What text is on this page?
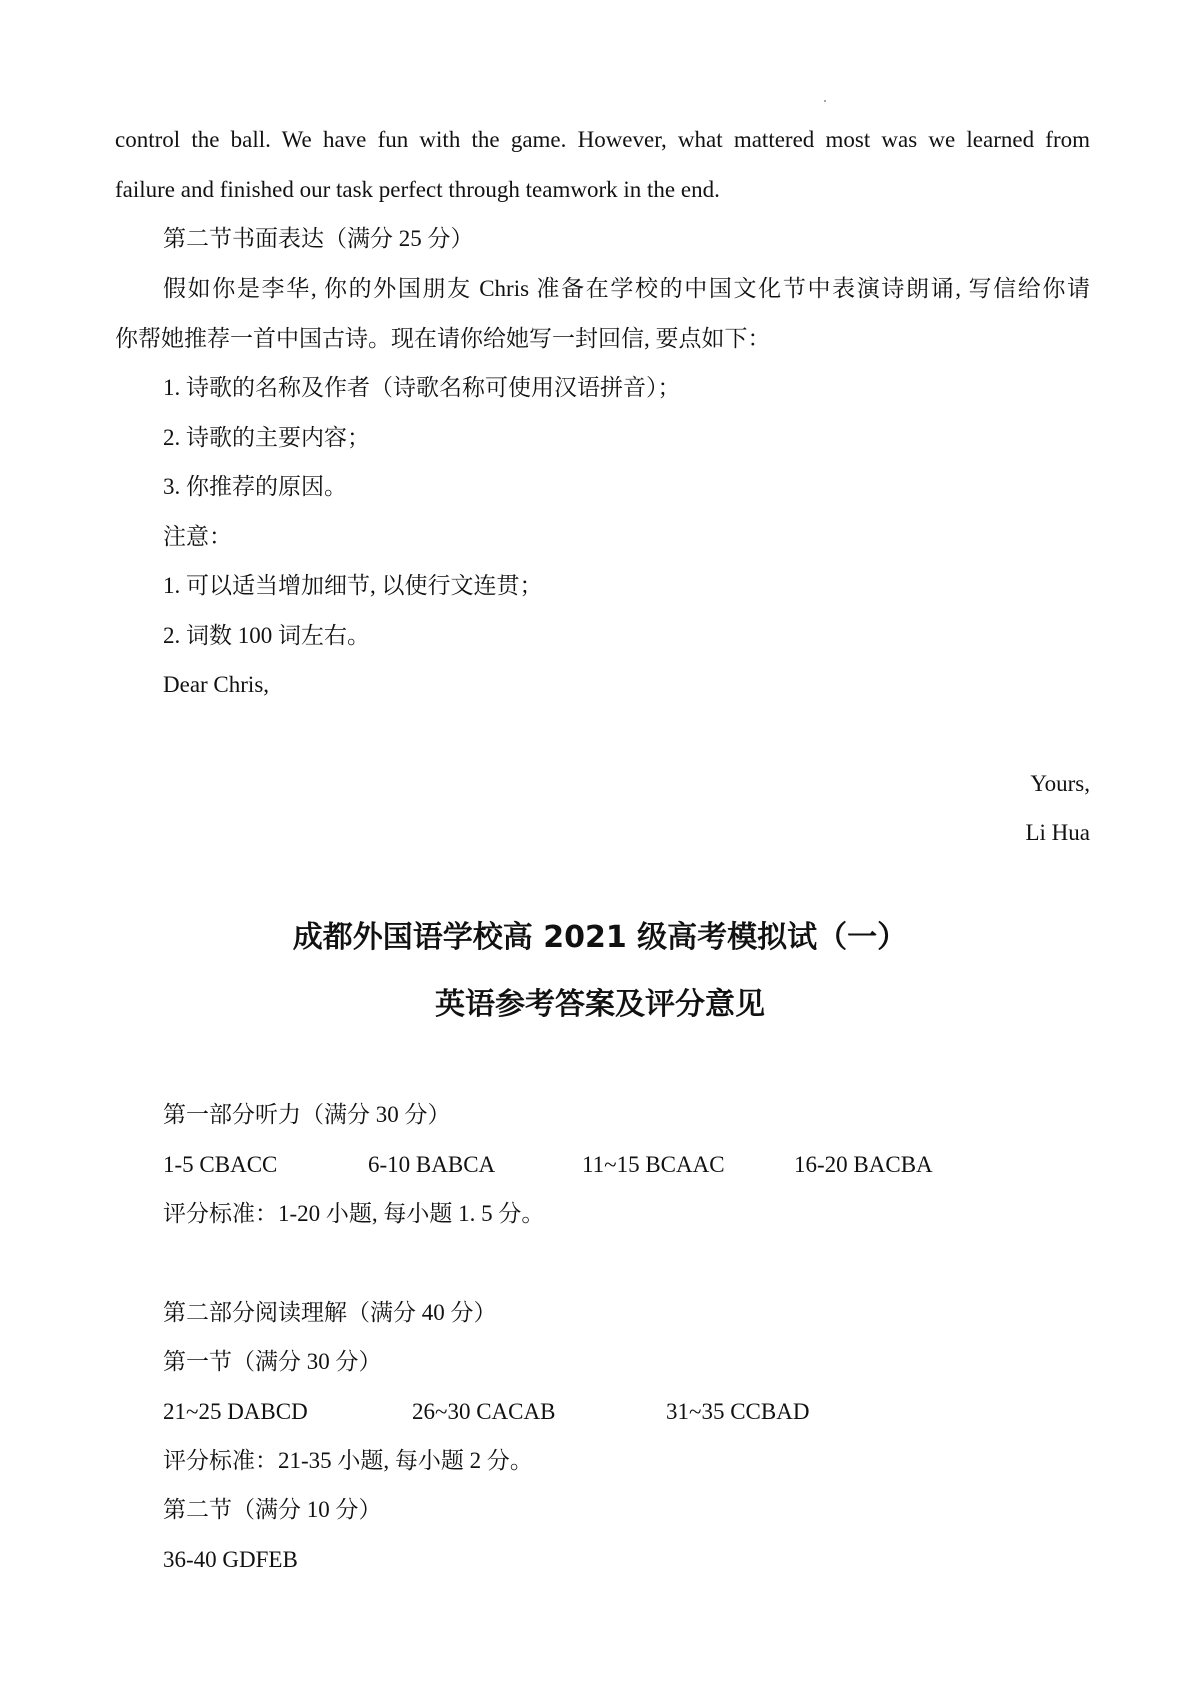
control the ball. We have fun with the game. However, what mattered most was we learned from
failure and finished our task perfect through teamwork in the end.
第二节书面表达（满分 25 分）
假如你是李华, 你的外国朋友 Chris 准备在学校的中国文化节中表演诗朗诵, 写信给你请
你帮她推荐一首中国古诗。现在请你给她写一封回信, 要点如下：
1. 诗歌的名称及作者（诗歌名称可使用汉语拼音）；
2. 诗歌的主要内容；
3. 你推荐的原因。
注意：
1. 可以适当增加细节, 以使行文连贯；
2. 词数 100 词左右。
Dear Chris,
Yours,
Li Hua
成都外国语学校高 2021 级高考模拟试（一）
英语参考答案及评分意见
第一部分听力（满分 30 分）
1-5 CBACC	6-10 BABCA	11~15 BCAAC	16-20 BACBA
评分标准：1-20 小题, 每小题 1. 5 分。
第二部分阅读理解（满分 40 分）
第一节（满分 30 分）
21~25 DABCD	26~30 CACAB	31~35 CCBAD
评分标准：21-35 小题, 每小题 2 分。
第二节（满分 10 分）
36-40 GDFEB
